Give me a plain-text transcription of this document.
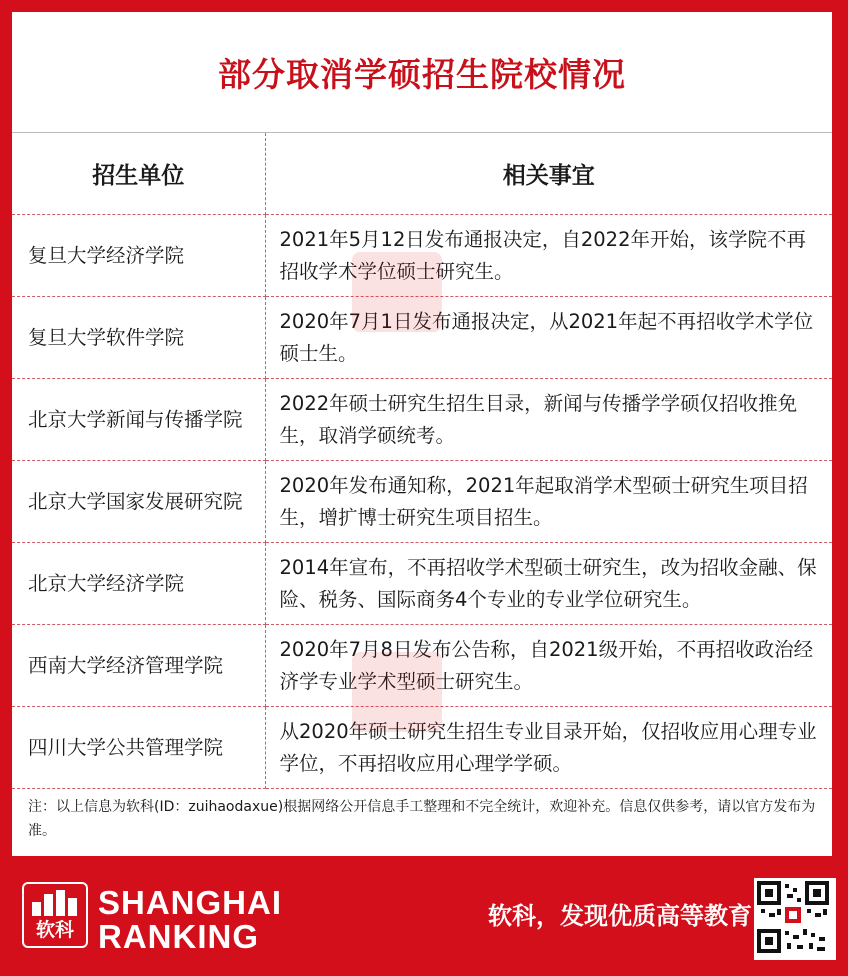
部分取消学硕招生院校情况
招生单位	相关事宜
复旦大学经济学院	2021年5月12日发布通报决定，自2022年开始，该学院不再招收学术学位硕士研究生。
复旦大学软件学院	2020年7月1日发布通报决定，从2021年起不再招收学术学位硕士生。
北京大学新闻与传播学院	2022年硕士研究生招生目录，新闻与传播学学硕仅招收推免生，取消学硕统考。
北京大学国家发展研究院	2020年发布通知称，2021年起取消学术型硕士研究生项目招生，增扩博士研究生项目招生。
北京大学经济学院	2014年宣布，不再招收学术型硕士研究生，改为招收金融、保险、税务、国际商务4个专业的专业学位研究生。
西南大学经济管理学院	2020年7月8日发布公告称，自2021级开始，不再招收政治经济学专业学术型硕士研究生。
四川大学公共管理学院	从2020年硕士研究生招生专业目录开始，仅招收应用心理专业学位，不再招收应用心理学学硕。
注：以上信息为软科(ID：zuihaodaxue)根据网络公开信息手工整理和不完全统计，欢迎补充。信息仅供参考，请以官方发布为准。
软科
SHANGHAI
RANKING
软科，发现优质高等教育
